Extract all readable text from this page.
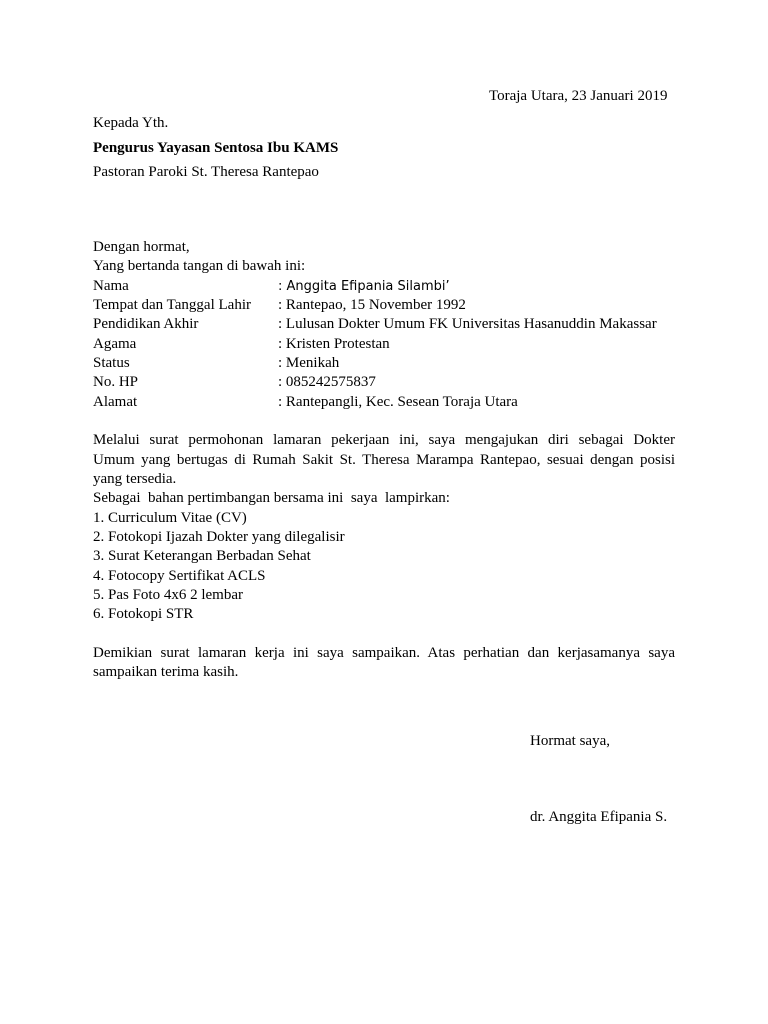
Toraja Utara, 23 Januari 2019
Kepada Yth.
Pengurus Yayasan Sentosa Ibu KAMS
Pastoran Paroki St. Theresa Rantepao
Dengan hormat,
Yang bertanda tangan di bawah ini:
Nama	: Anggita Efipania Silambi’
Tempat dan Tanggal Lahir : Rantepao, 15 November 1992
Pendidikan Akhir	: Lulusan Dokter Umum FK Universitas Hasanuddin Makassar
Agama	: Kristen Protestan
Status	: Menikah
No. HP	: 085242575837
Alamat	: Rantepangli, Kec. Sesean Toraja Utara
Melalui surat permohonan lamaran pekerjaan ini, saya mengajukan diri sebagai Dokter
Umum yang bertugas di Rumah Sakit St. Theresa Marampa Rantepao, sesuai dengan posisi
yang tersedia.
Sebagai  bahan pertimbangan bersama ini  saya  lampirkan:
1. Curriculum Vitae (CV)
2. Fotokopi Ijazah Dokter yang dilegalisir
3. Surat Keterangan Berbadan Sehat
4. Fotocopy Sertifikat ACLS
5. Pas Foto 4x6 2 lembar
6. Fotokopi STR
Demikian surat lamaran kerja ini saya sampaikan. Atas perhatian dan kerjasamanya saya
sampaikan terima kasih.
Hormat saya,
dr. Anggita Efipania S.
